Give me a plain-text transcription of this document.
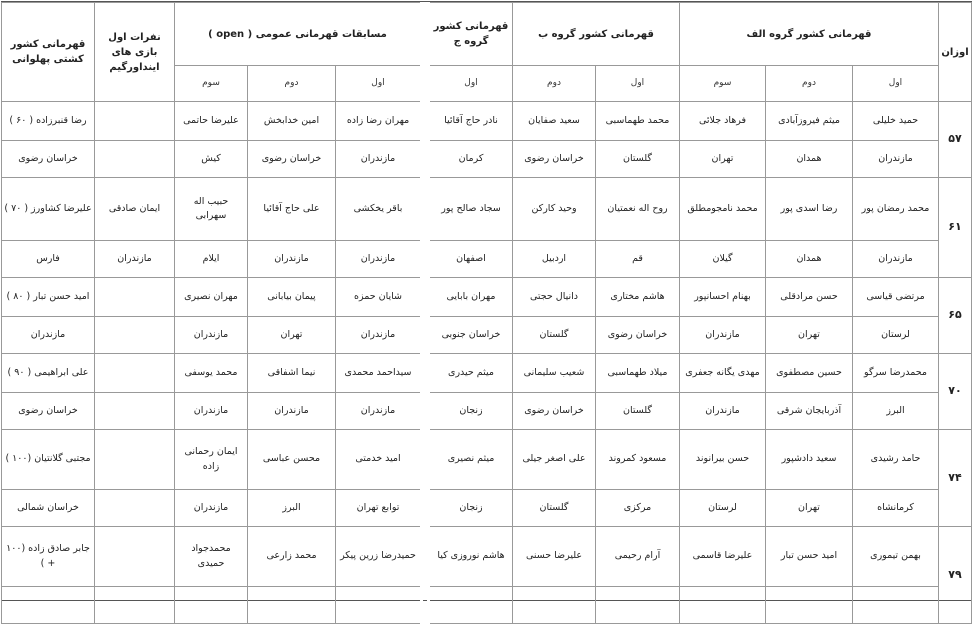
اوزان	قهرمانی کشور گروه الف			قهرمانی کشور گروه ب		قهرمانی کشور گروه ج		مسابقات قهرمانی عمومی ( open )			نفرات اول بازی های اینداورگیم	قهرمانی کشور کشتی پهلوانی
	اول	دوم	سوم	اول	دوم	اول		اول	دوم	سوم		
۵۷	حمید خلیلی	میثم فیروزآبادی	فرهاد جلائی	محمد طهماسبی	سعید صفایان	نادر حاج آقائیا		مهران رضا زاده	امین خدابخش	علیرضا حاتمی		رضا قنبرزاده ( ۶۰ )
	مازندران	همدان	تهران	گلستان	خراسان رضوی	کرمان		مازندران	خراسان رضوی	کیش		خراسان رضوی
۶۱	محمد رمضان پور	رضا اسدی پور	محمد نامجومطلق	روح اله نعمتیان	وحید کارکن	سجاد صالح پور		باقر یخکشی	علی حاج آقائیا	حبیب اله سهرابی	ایمان صادقی	علیرضا کشاورز ( ۷۰ )
	مازندران	همدان	گیلان	قم	اردبیل	اصفهان		مازندران	مازندران	ایلام	مازندران	فارس
۶۵	مرتضی قیاسی	حسن مرادقلی	بهنام احسانپور	هاشم مختاری	دانیال حجتی	مهران بابایی		شایان حمزه	پیمان بیابانی	مهران نصیری		امید حسن تبار ( ۸۰ )
	لرستان	تهران	مازندران	خراسان رضوی	گلستان	خراسان جنوبی		مازندران	تهران	مازندران		مازندران
۷۰	محمدرضا سرگو	حسین مصطفوی	مهدی یگانه جعفری	میلاد طهماسبی	شعیب سلیمانی	میثم حیدری		سیداحمد محمدی	نیما اشفاقی	محمد یوسفی		علی ابراهیمی ( ۹۰ )
	البرز	آذربایجان شرقی	مازندران	گلستان	خراسان رضوی	زنجان		مازندران	مازندران	مازندران		خراسان رضوی
۷۴	حامد رشیدی	سعید دادشپور	حسن بیرانوند	مسعود کمروند	علی اصغر جیلی	میثم نصیری		امید خدمتی	محسن عباسی	ایمان رحمانی زاده		مجتبی گلانتیان (۱۰۰ )
	کرمانشاه	تهران	لرستان	مرکزی	گلستان	زنجان		توابع تهران	البرز	مازندران		خراسان شمالی
۷۹	بهمن تیموری	امید حسن تبار	علیرضا قاسمی	آرام رحیمی	علیرضا حسنی	هاشم نوروزی کیا		حمیدرضا زرین پیکر	محمد زارعی	محمدجواد حمیدی		جابر صادق زاده (۱۰۰ + )
